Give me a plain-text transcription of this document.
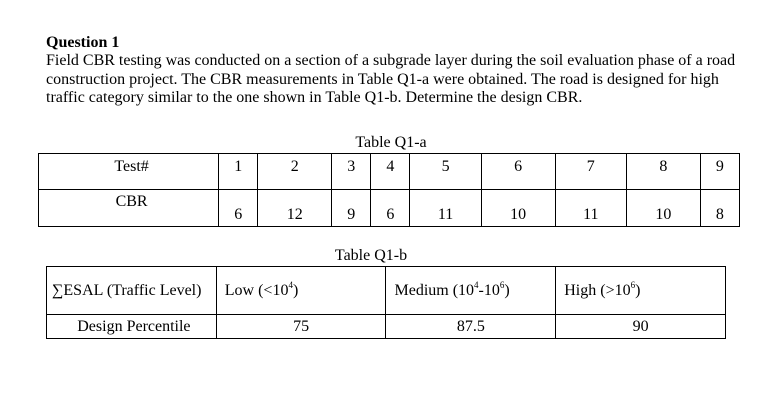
Question 1

Field CBR testing was conducted on a section of a subgrade layer during the soil evaluation phase of a road construction project. The CBR measurements in Table Q1-a were obtained. The road is designed for high traffic category similar to the one shown in Table Q1-b. Determine the design CBR.

Table Q1-a
Test#	1	2	3	4	5	6	7	8	9
CBR	6	12	9	6	11	10	11	10	8
Table Q1-b
∑ESAL (Traffic Level)	Low $(<10^4)$	Medium $(10^4-10^6)$	High $(>10^6)$
Design Percentile	75	87.5	90
